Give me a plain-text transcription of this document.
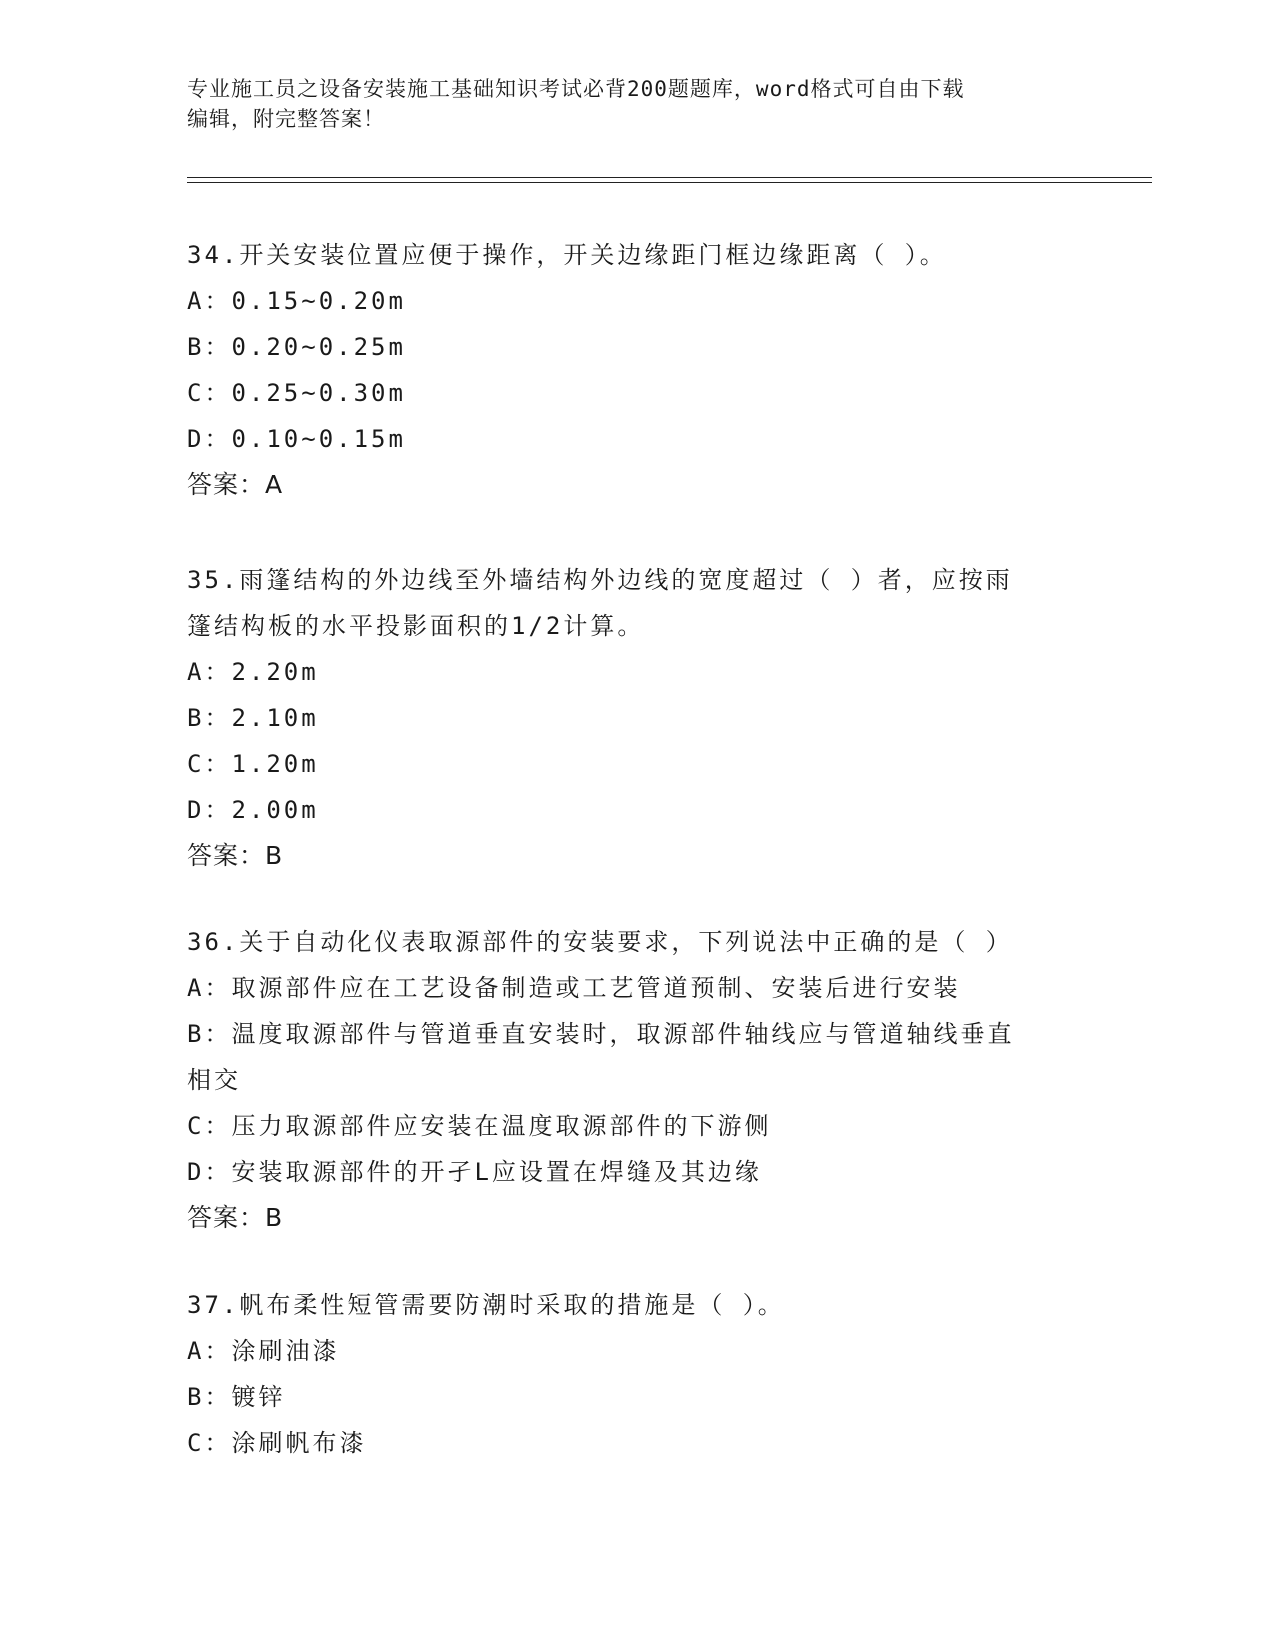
专业施工员之设备安装施工基础知识考试必背200题题库，word格式可自由下载
编辑，附完整答案！
34.开关安装位置应便于操作，开关边缘距门框边缘距离（ ）。
A：0.15~0.20m
B：0.20~0.25m
C：0.25~0.30m
D：0.10~0.15m
答案：A
35.雨篷结构的外边线至外墙结构外边线的宽度超过（ ）者，应按雨
篷结构板的水平投影面积的1/2计算。
A：2.20m
B：2.10m
C：1.20m
D：2.00m
答案：B
36.关于自动化仪表取源部件的安装要求，下列说法中正确的是（ ）
A：取源部件应在工艺设备制造或工艺管道预制、安装后进行安装
B：温度取源部件与管道垂直安装时，取源部件轴线应与管道轴线垂直
相交
C：压力取源部件应安装在温度取源部件的下游侧
D：安装取源部件的开孑L应设置在焊缝及其边缘
答案：B
37.帆布柔性短管需要防潮时采取的措施是（ ）。
A：涂刷油漆
B：镀锌
C：涂刷帆布漆
